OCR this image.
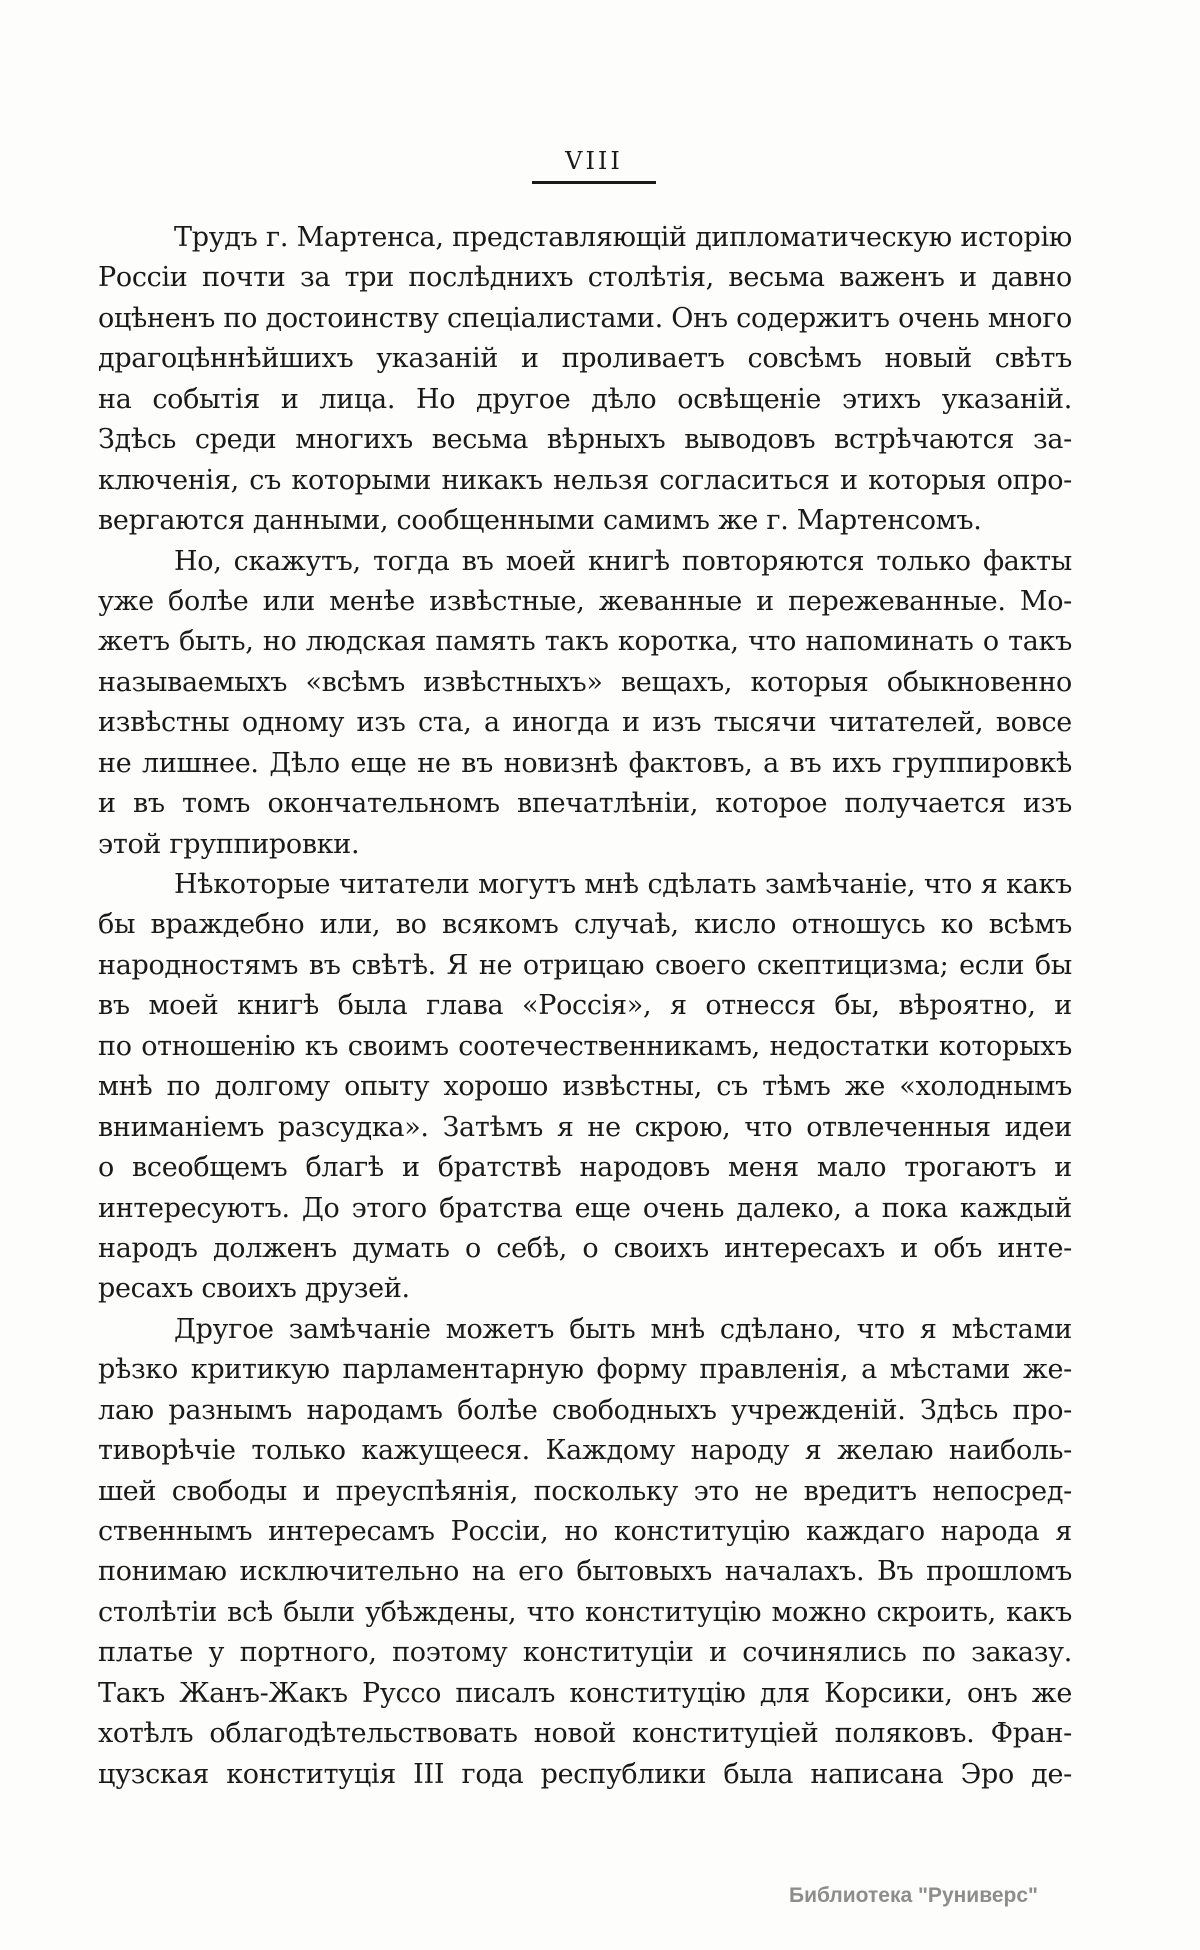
VIII
Трудъ г. Мартенса, представляющій дипломатическую исторію
Россіи почти за три послѣднихъ столѣтія, весьма важенъ и давно
оцѣненъ по достоинству спеціалистами. Онъ содержитъ очень много
драгоцѣннѣйшихъ указаній и проливаетъ совсѣмъ новый свѣтъ
на событія и лица. Но другое дѣло освѣщеніе этихъ указаній.
Здѣсь среди многихъ весьма вѣрныхъ выводовъ встрѣчаются за-
ключенія, съ которыми никакъ нельзя согласиться и которыя опро-
вергаются данными, сообщенными самимъ же г. Мартенсомъ.
Но, скажутъ, тогда въ моей книгѣ повторяются только факты
уже болѣе или менѣе извѣстные, жеванные и пережеванные. Мо-
жетъ быть, но людская память такъ коротка, что напоминать о такъ
называемыхъ «всѣмъ извѣстныхъ» вещахъ, которыя обыкновенно
извѣстны одному изъ ста, а иногда и изъ тысячи читателей, вовсе
не лишнее. Дѣло еще не въ новизнѣ фактовъ, а въ ихъ группировкѣ
и въ томъ окончательномъ впечатлѣніи, которое получается изъ
этой группировки.
Нѣкоторые читатели могутъ мнѣ сдѣлать замѣчаніе, что я какъ
бы враждебно или, во всякомъ случаѣ, кисло отношусь ко всѣмъ
народностямъ въ свѣтѣ. Я не отрицаю своего скептицизма; если бы
въ моей книгѣ была глава «Россія», я отнесся бы, вѣроятно, и
по отношенію къ своимъ соотечественникамъ, недостатки которыхъ
мнѣ по долгому опыту хорошо извѣстны, съ тѣмъ же «холоднымъ
вниманіемъ разсудка». Затѣмъ я не скрою, что отвлеченныя идеи
о всеобщемъ благѣ и братствѣ народовъ меня мало трогаютъ и
интересуютъ. До этого братства еще очень далеко, а пока каждый
народъ долженъ думать о себѣ, о своихъ интересахъ и объ инте-
ресахъ своихъ друзей.
Другое замѣчаніе можетъ быть мнѣ сдѣлано, что я мѣстами
рѣзко критикую парламентарную форму правленія, а мѣстами же-
лаю разнымъ народамъ болѣе свободныхъ учрежденій. Здѣсь про-
тиворѣчіе только кажущееся. Каждому народу я желаю наиболь-
шей свободы и преуспѣянія, поскольку это не вредитъ непосред-
ственнымъ интересамъ Россіи, но конституцію каждаго народа я
понимаю исключительно на его бытовыхъ началахъ. Въ прошломъ
столѣтіи всѣ были убѣждены, что конституцію можно скроить, какъ
платье у портного, поэтому конституціи и сочинялись по заказу.
Такъ Жанъ-Жакъ Руссо писалъ конституцію для Корсики, онъ же
хотѣлъ облагодѣтельствовать новой конституціей поляковъ. Фран-
цузская конституція III года республики была написана Эро де-
Библиотека "Руниверс"
